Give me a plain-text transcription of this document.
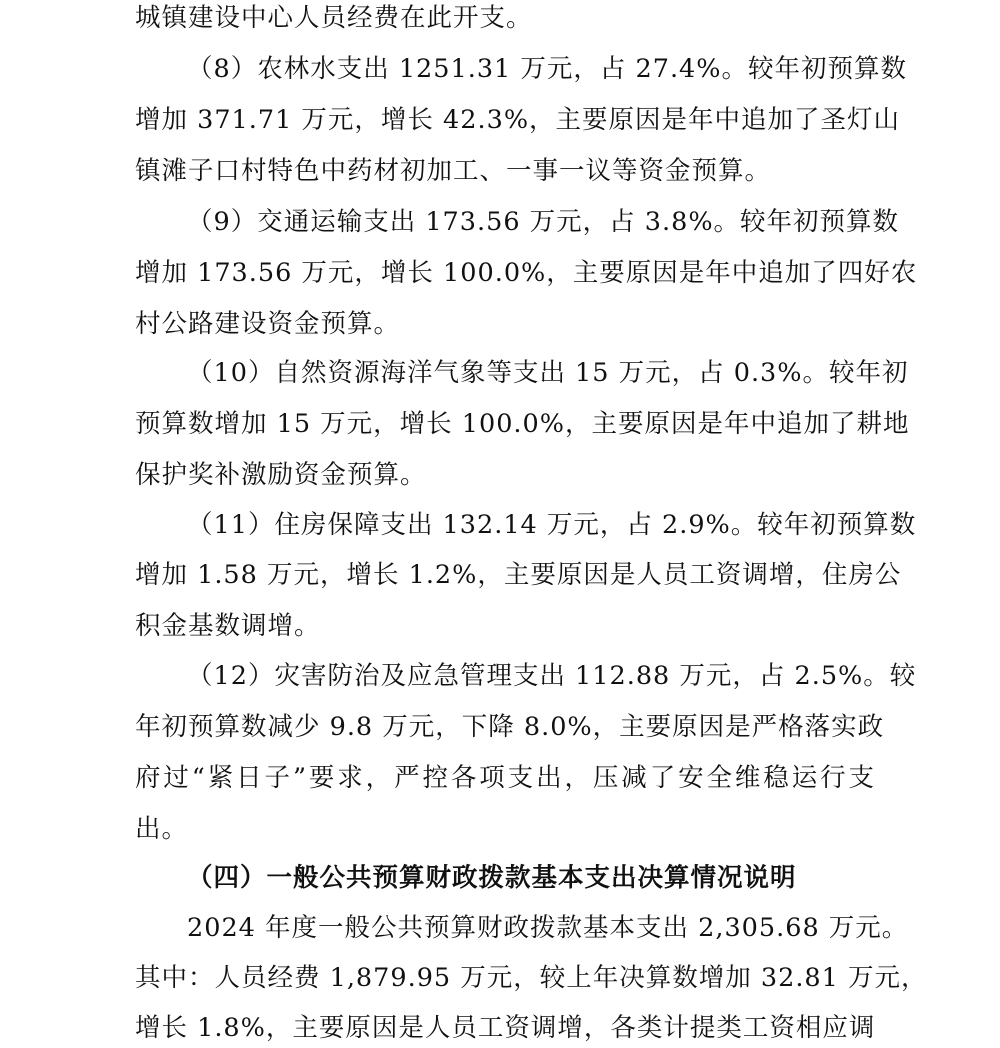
城镇建设中心人员经费在此开支。
（8）农林水支出 1251.31 万元，占 27.4%。较年初预算数
增加 371.71 万元，增长 42.3%，主要原因是年中追加了圣灯山
镇滩子口村特色中药材初加工、一事一议等资金预算。
（9）交通运输支出 173.56 万元，占 3.8%。较年初预算数
增加 173.56 万元，增长 100.0%，主要原因是年中追加了四好农
村公路建设资金预算。
（10）自然资源海洋气象等支出 15 万元，占 0.3%。较年初
预算数增加 15 万元，增长 100.0%，主要原因是年中追加了耕地
保护奖补激励资金预算。
（11）住房保障支出 132.14 万元，占 2.9%。较年初预算数
增加 1.58 万元，增长 1.2%，主要原因是人员工资调增，住房公
积金基数调增。
（12）灾害防治及应急管理支出 112.88 万元，占 2.5%。较
年初预算数减少 9.8 万元，下降 8.0%，主要原因是严格落实政
府过“紧日子”要求，严控各项支出，压减了安全维稳运行支
出。
（四）一般公共预算财政拨款基本支出决算情况说明
2024 年度一般公共预算财政拨款基本支出 2,305.68 万元。
其中：人员经费 1,879.95 万元，较上年决算数增加 32.81 万元，
增长 1.8%，主要原因是人员工资调增，各类计提类工资相应调
